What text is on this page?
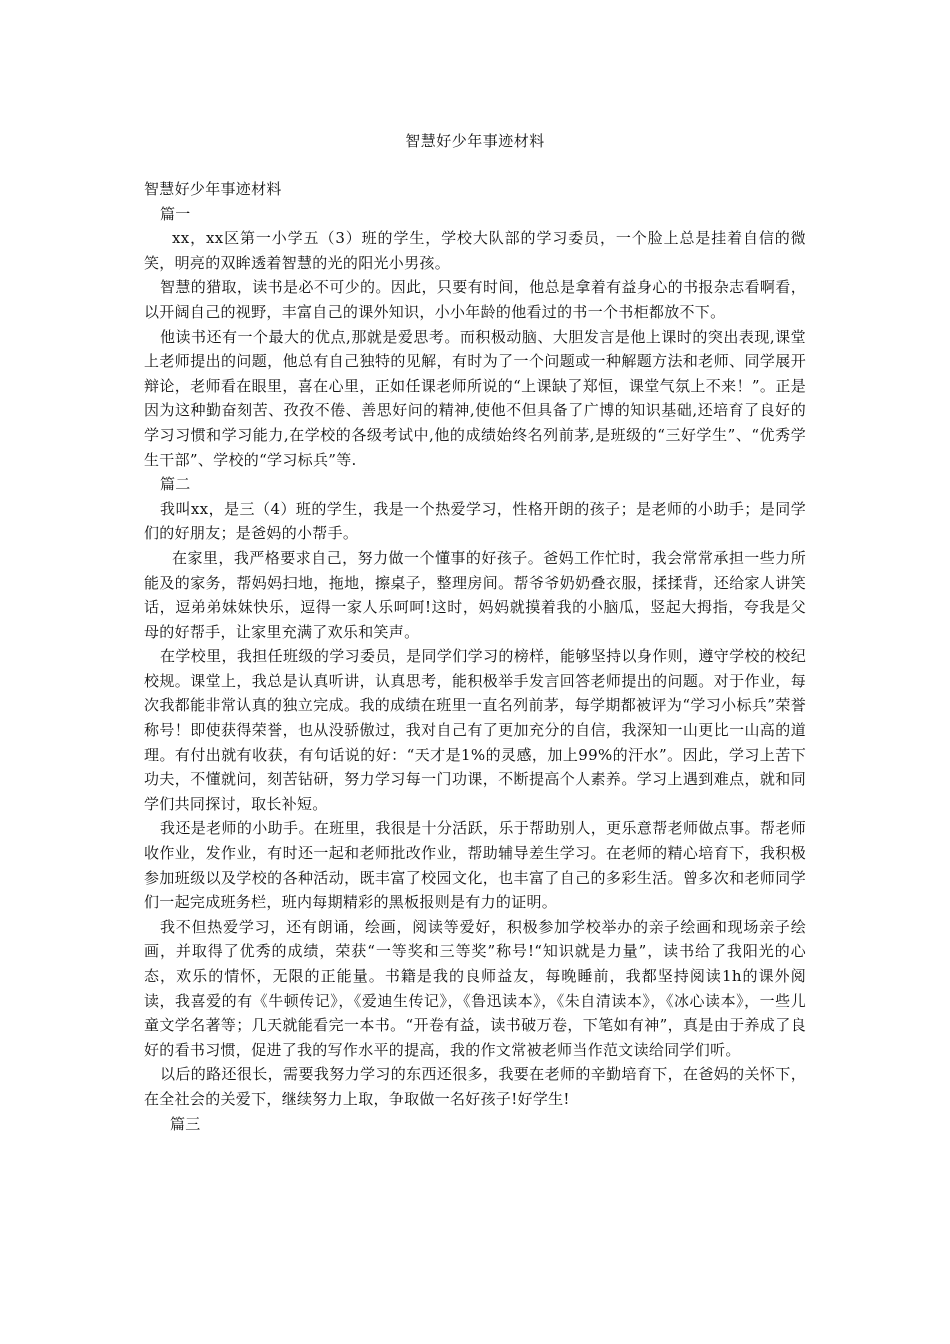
智慧好少年事迹材料

智慧好少年事迹材料

篇一

xx，xx区第一小学五（3）班的学生，学校大队部的学习委员，一个脸上总是挂着自信的微笑，明亮的双眸透着智慧的光的阳光小男孩。

智慧的猎取，读书是必不可少的。因此，只要有时间，他总是拿着有益身心的书报杂志看啊看，以开阔自己的视野，丰富自己的课外知识，小小年龄的他看过的书一个书柜都放不下。

他读书还有一个最大的优点,那就是爱思考。而积极动脑、大胆发言是他上课时的突出表现,课堂上老师提出的问题，他总有自己独特的见解，有时为了一个问题或一种解题方法和老师、同学展开辩论，老师看在眼里，喜在心里，正如任课老师所说的“上课缺了郑恒，课堂气氛上不来！”。正是因为这种勤奋刻苦、孜孜不倦、善思好问的精神,使他不但具备了广博的知识基础,还培育了良好的学习习惯和学习能力,在学校的各级考试中,他的成绩始终名列前茅,是班级的“三好学生”、“优秀学生干部”、学校的“学习标兵”等.

篇二

我叫xx，是三（4）班的学生，我是一个热爱学习，性格开朗的孩子；是老师的小助手；是同学们的好朋友；是爸妈的小帮手。

在家里，我严格要求自己，努力做一个懂事的好孩子。爸妈工作忙时，我会常常承担一些力所能及的家务，帮妈妈扫地，拖地，擦桌子，整理房间。帮爷爷奶奶叠衣服，揉揉背，还给家人讲笑话，逗弟弟妹妹快乐，逗得一家人乐呵呵!这时，妈妈就摸着我的小脑瓜，竖起大拇指，夸我是父母的好帮手，让家里充满了欢乐和笑声。

在学校里，我担任班级的学习委员，是同学们学习的榜样，能够坚持以身作则，遵守学校的校纪校规。课堂上，我总是认真听讲，认真思考，能积极举手发言回答老师提出的问题。对于作业，每次我都能非常认真的独立完成。我的成绩在班里一直名列前茅，每学期都被评为“学习小标兵”荣誉称号！即使获得荣誉，也从没骄傲过，我对自己有了更加充分的自信，我深知一山更比一山高的道理。有付出就有收获，有句话说的好：“天才是1%的灵感，加上99%的汗水”。因此，学习上苦下功夫，不懂就问，刻苦钻研，努力学习每一门功课，不断提高个人素养。学习上遇到难点，就和同学们共同探讨，取长补短。

我还是老师的小助手。在班里，我很是十分活跃，乐于帮助别人，更乐意帮老师做点事。帮老师收作业，发作业，有时还一起和老师批改作业，帮助辅导差生学习。在老师的精心培育下，我积极参加班级以及学校的各种活动，既丰富了校园文化，也丰富了自己的多彩生活。曾多次和老师同学们一起完成班务栏，班内每期精彩的黑板报则是有力的证明。

我不但热爱学习，还有朗诵，绘画，阅读等爱好，积极参加学校举办的亲子绘画和现场亲子绘画，并取得了优秀的成绩，荣获“一等奖和三等奖”称号!“知识就是力量”，读书给了我阳光的心态，欢乐的情怀，无限的正能量。书籍是我的良师益友，每晚睡前，我都坚持阅读1h的课外阅读，我喜爱的有《牛顿传记》，《爱迪生传记》，《鲁迅读本》，《朱自清读本》，《冰心读本》，一些儿童文学名著等；几天就能看完一本书。“开卷有益，读书破万卷，下笔如有神”，真是由于养成了良好的看书习惯，促进了我的写作水平的提高，我的作文常被老师当作范文读给同学们听。

以后的路还很长，需要我努力学习的东西还很多，我要在老师的辛勤培育下，在爸妈的关怀下，在全社会的关爱下，继续努力上取，争取做一名好孩子!好学生!

篇三
